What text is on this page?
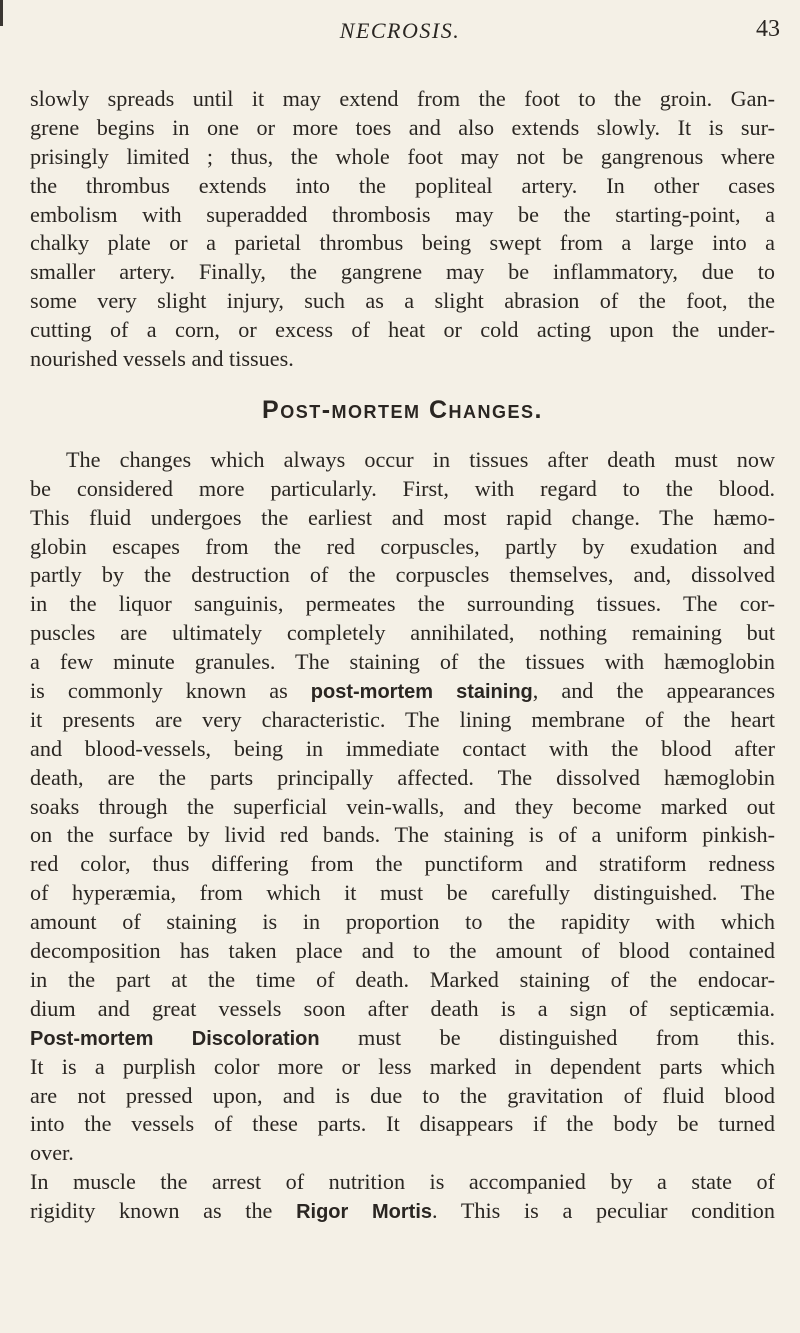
NECROSIS.	43
slowly spreads until it may extend from the foot to the groin. Gan-
grene begins in one or more toes and also extends slowly. It is sur-
prisingly limited ; thus, the whole foot may not be gangrenous where
the thrombus extends into the popliteal artery. In other cases
embolism with superadded thrombosis may be the starting-point, a
chalky plate or a parietal thrombus being swept from a large into a
smaller artery. Finally, the gangrene may be inflammatory, due to
some very slight injury, such as a slight abrasion of the foot, the
cutting of a corn, or excess of heat or cold acting upon the under-
nourished vessels and tissues.
Post-mortem Changes.
The changes which always occur in tissues after death must now
be considered more particularly. First, with regard to the blood.
This fluid undergoes the earliest and most rapid change. The hæmo-
globin escapes from the red corpuscles, partly by exudation and
partly by the destruction of the corpuscles themselves, and, dissolved
in the liquor sanguinis, permeates the surrounding tissues. The cor-
puscles are ultimately completely annihilated, nothing remaining but
a few minute granules. The staining of the tissues with hæmoglobin
is commonly known as post-mortem staining, and the appearances
it presents are very characteristic. The lining membrane of the heart
and blood-vessels, being in immediate contact with the blood after
death, are the parts principally affected. The dissolved hæmoglobin
soaks through the superficial vein-walls, and they become marked out
on the surface by livid red bands. The staining is of a uniform pinkish-
red color, thus differing from the punctiform and stratiform redness
of hyperæmia, from which it must be carefully distinguished. The
amount of staining is in proportion to the rapidity with which
decomposition has taken place and to the amount of blood contained
in the part at the time of death. Marked staining of the endocar-
dium and great vessels soon after death is a sign of septicæmia.
Post-mortem Discoloration must be distinguished from this.
It is a purplish color more or less marked in dependent parts which
are not pressed upon, and is due to the gravitation of fluid blood
into the vessels of these parts. It disappears if the body be turned
over.
In muscle the arrest of nutrition is accompanied by a state of
rigidity known as the Rigor Mortis. This is a peculiar condition
